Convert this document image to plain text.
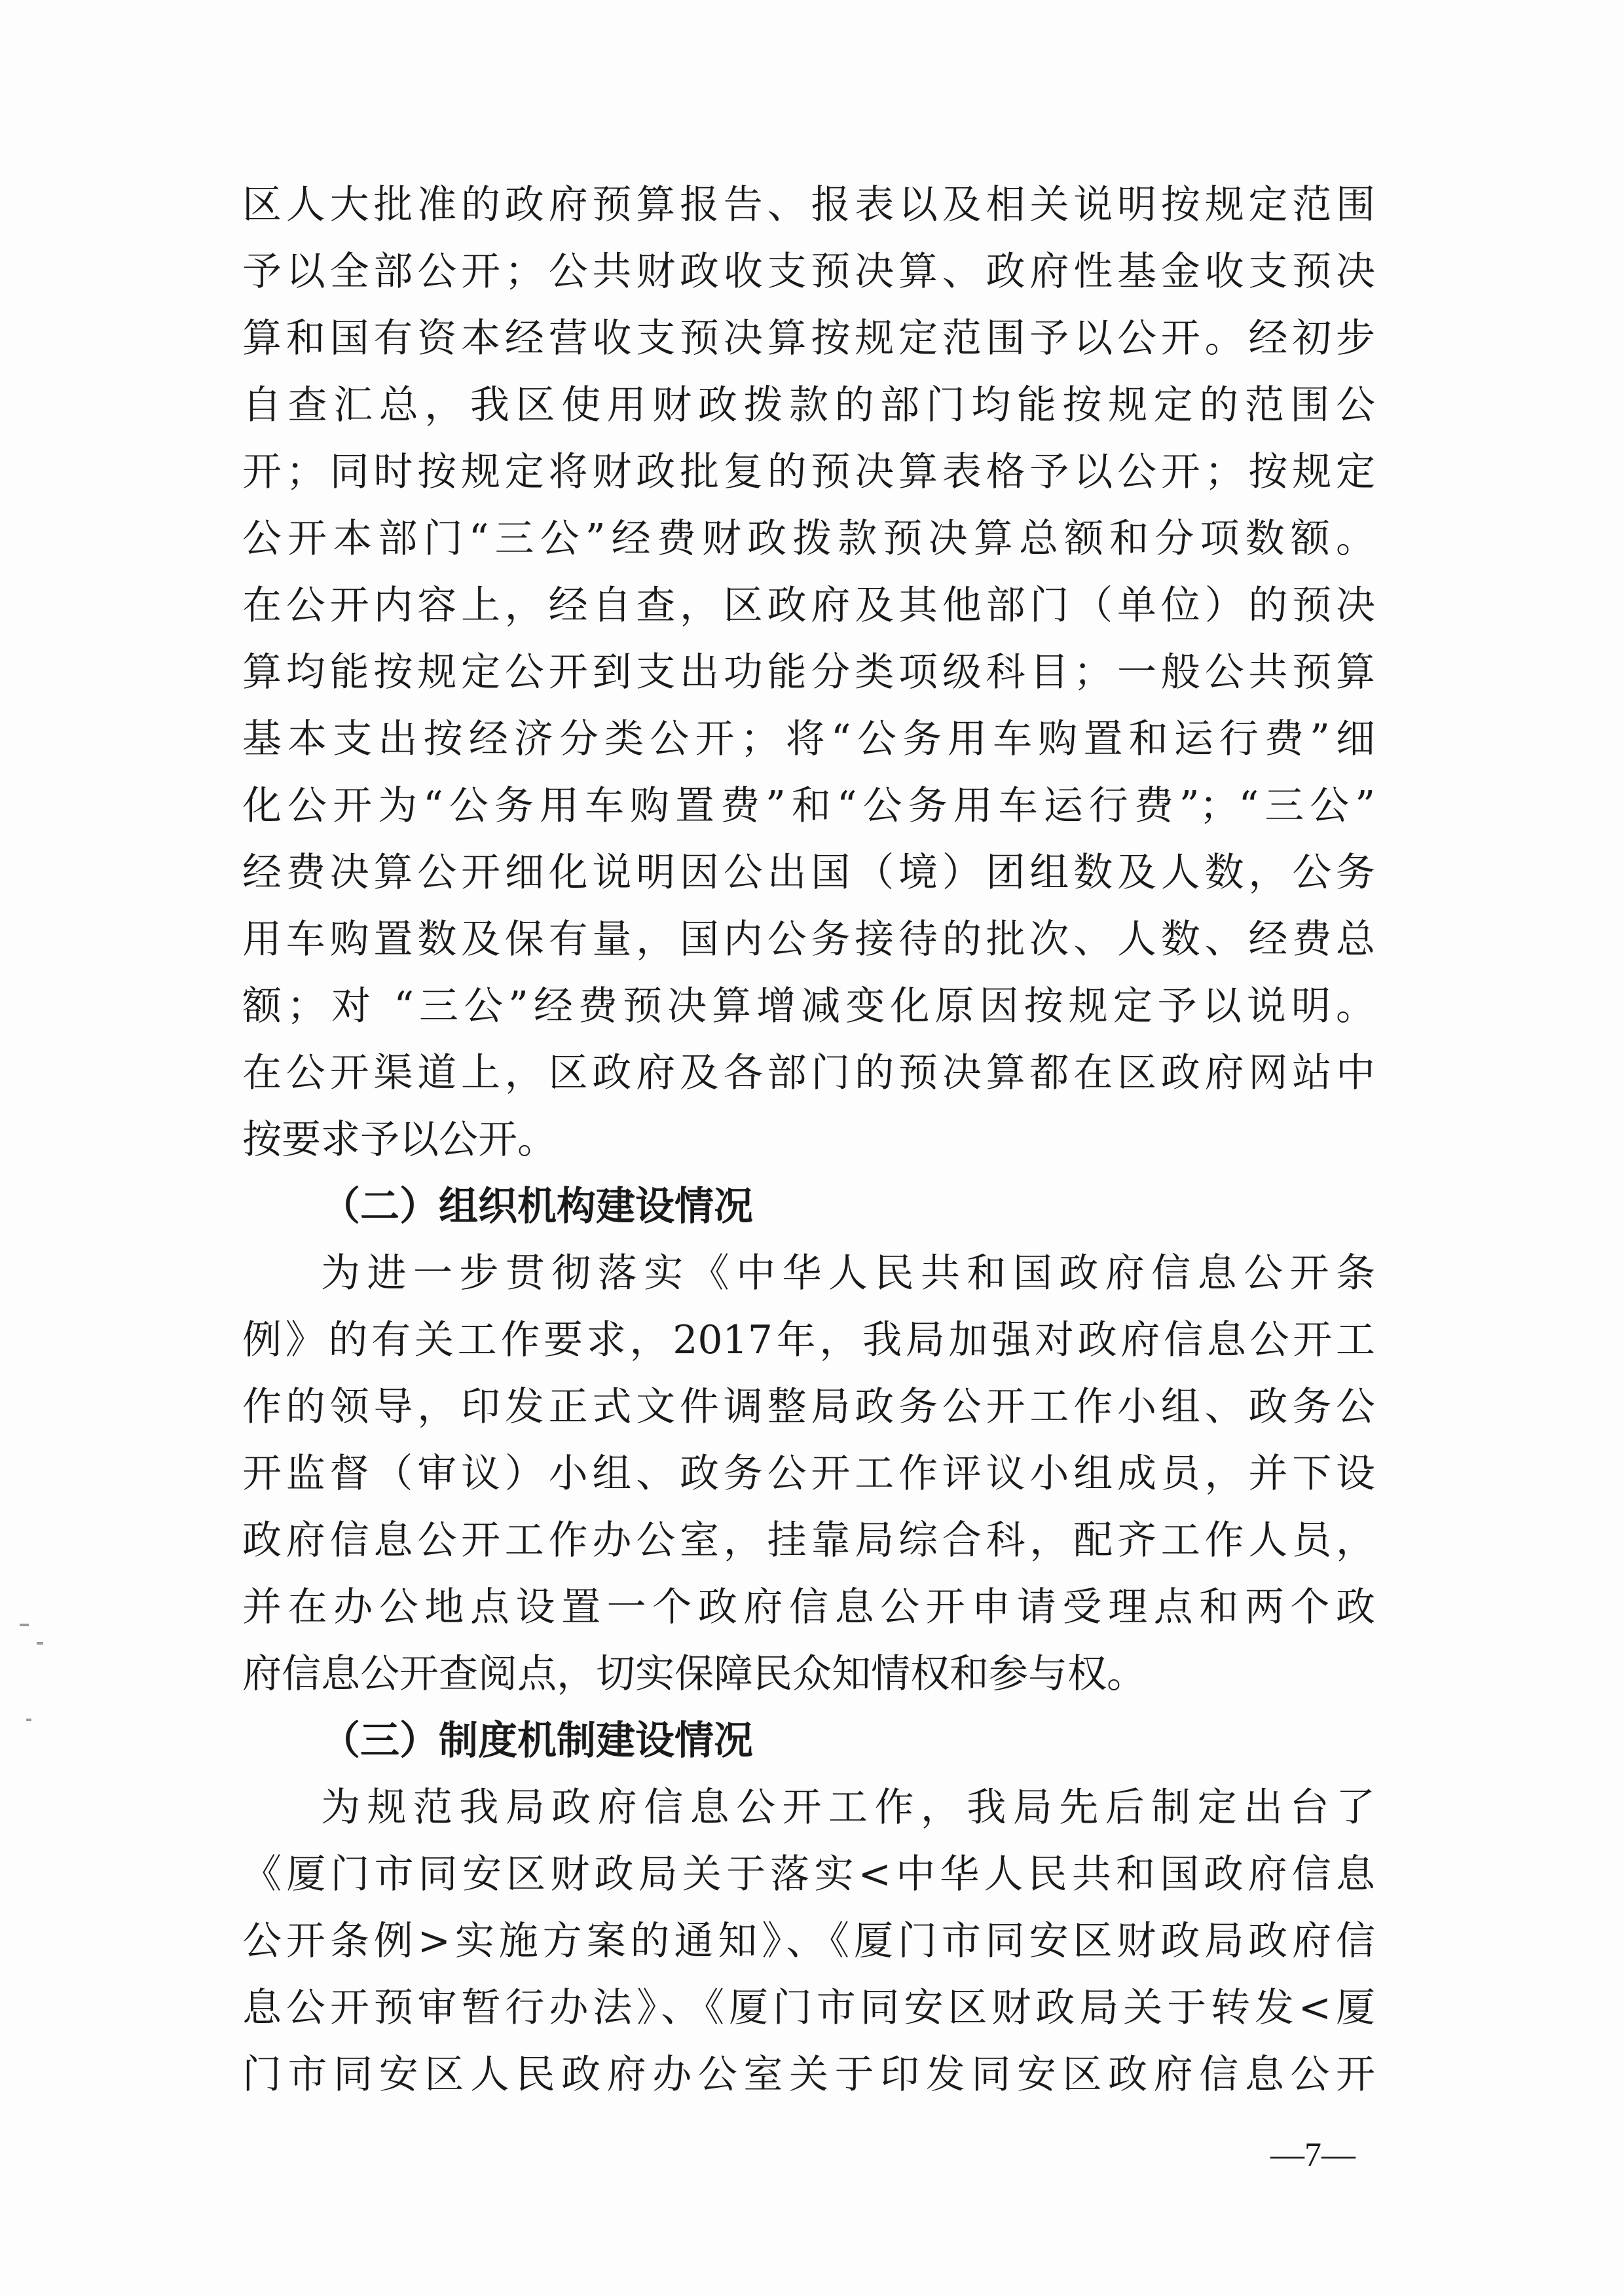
区人大批准的政府预算报告、报表以及相关说明按规定范围
予以全部公开；公共财政收支预决算、政府性基金收支预决
算和国有资本经营收支预决算按规定范围予以公开。经初步
自查汇总，我区使用财政拨款的部门均能按规定的范围公
开；同时按规定将财政批复的预决算表格予以公开；按规定
公开本部门“三公”经费财政拨款预决算总额和分项数额。
在公开内容上，经自查，区政府及其他部门（单位）的预决
算均能按规定公开到支出功能分类项级科目；一般公共预算
基本支出按经济分类公开；将“公务用车购置和运行费”细
化公开为“公务用车购置费”和“公务用车运行费”；“三公”
经费决算公开细化说明因公出国（境）团组数及人数，公务
用车购置数及保有量，国内公务接待的批次、人数、经费总
额；对 “三公”经费预决算增减变化原因按规定予以说明。
在公开渠道上，区政府及各部门的预决算都在区政府网站中
按要求予以公开。
（二）组织机构建设情况
为进一步贯彻落实《中华人民共和国政府信息公开条
例》的有关工作要求，2017年，我局加强对政府信息公开工
作的领导，印发正式文件调整局政务公开工作小组、政务公
开监督（审议）小组、政务公开工作评议小组成员，并下设
政府信息公开工作办公室，挂靠局综合科，配齐工作人员，
并在办公地点设置一个政府信息公开申请受理点和两个政
府信息公开查阅点，切实保障民众知情权和参与权。
（三）制度机制建设情况
为规范我局政府信息公开工作，我局先后制定出台了
《厦门市同安区财政局关于落实<中华人民共和国政府信息
公开条例>实施方案的通知》、《厦门市同安区财政局政府信
息公开预审暂行办法》、《厦门市同安区财政局关于转发<厦
门市同安区人民政府办公室关于印发同安区政府信息公开
—7—
